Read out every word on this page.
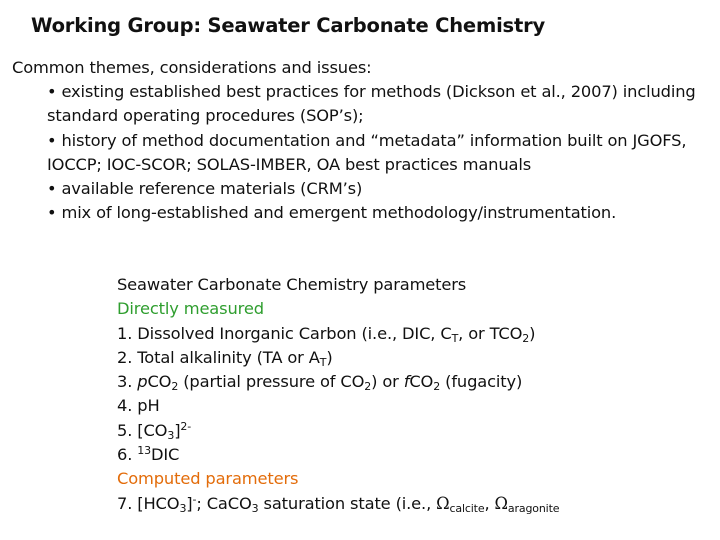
Working Group: Seawater Carbonate Chemistry
Common themes, considerations and issues:
• existing established best practices for methods (Dickson et al., 2007) including
standard operating procedures (SOP’s);
• history of method documentation and “metadata” information built on JGOFS,
IOCCP; IOC-SCOR; SOLAS-IMBER, OA best practices manuals
• available reference materials (CRM’s)
• mix of long-established and emergent methodology/instrumentation.
Seawater Carbonate Chemistry parameters
Directly measured
1. Dissolved Inorganic Carbon (i.e., DIC, $C_T$, or $TCO_2$)
2. Total alkalinity (TA or $A_T$)
3. pCO$_2$ (partial pressure of $CO_2$) or fCO$_2$ (fugacity)
4. pH
5. $[CO_3]^{2-}$
6. $^{13}$DIC
Computed parameters
7. $[HCO_3]^-$; CaCO$_3$ saturation state (i.e., $\Omega_{calcite}$, $\Omega_{aragonite}$
